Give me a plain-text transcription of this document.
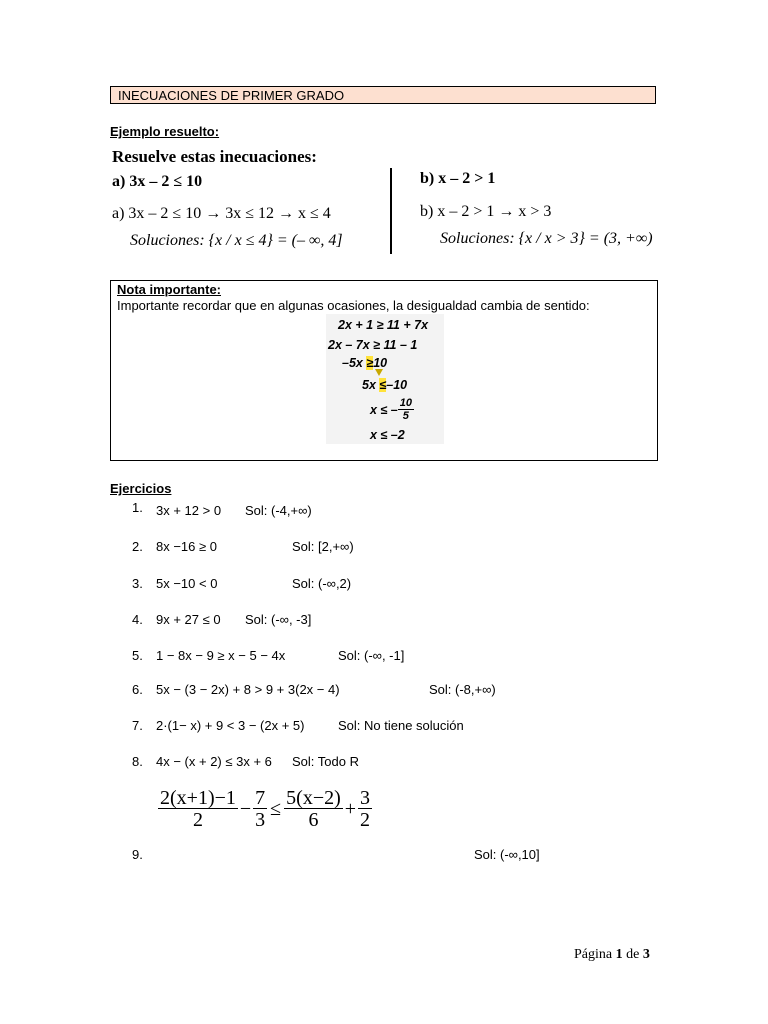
INECUACIONES DE PRIMER GRADO
Ejemplo resuelto:
Resuelve estas inecuaciones:
a) 3x – 2 ≤ 10
a) 3x – 2 ≤ 10 → 3x ≤ 12 → x ≤ 4
Soluciones: {x / x ≤ 4} = (– ∞, 4]
b) x – 2 > 1
b) x – 2 > 1 → x > 3
Soluciones: {x / x > 3} = (3, +∞)
Nota importante:
Importante recordar que en algunas ocasiones, la desigualdad cambia de sentido:
2x + 1 ≥ 11 + 7x
2x – 7x ≥ 11 – 1
–5x ≥10
5x ≤–10
x ≤ – $\frac{10}{5}$
x ≤ –2
Ejercicios
1. 3x + 12 > 0 Sol: (-4,+∞)
2. 8x −16 ≥ 0	Sol: [2,+∞)
3. 5x −10 < 0	Sol: (-∞,2)
4. 9x + 27 ≤ 0 Sol: (-∞, -3]
5. 1 − 8x − 9 ≥ x − 5 − 4x	Sol: (-∞, -1]
6. 5x − (3 − 2x) + 8 > 9 + 3(2x − 4)	Sol: (-8,+∞)
7. 2·(1− x) + 9 < 3 − (2x + 5)	Sol: No tiene solución
8. 4x − (x + 2) ≤ 3x + 6 Sol: Todo R
$\frac{2(x+1)-1}{2} - \frac{7}{3} \le \frac{5(x-2)}{6} + \frac{3}{2}$
9.	Sol: (-∞,10]
Página 1 de 3
